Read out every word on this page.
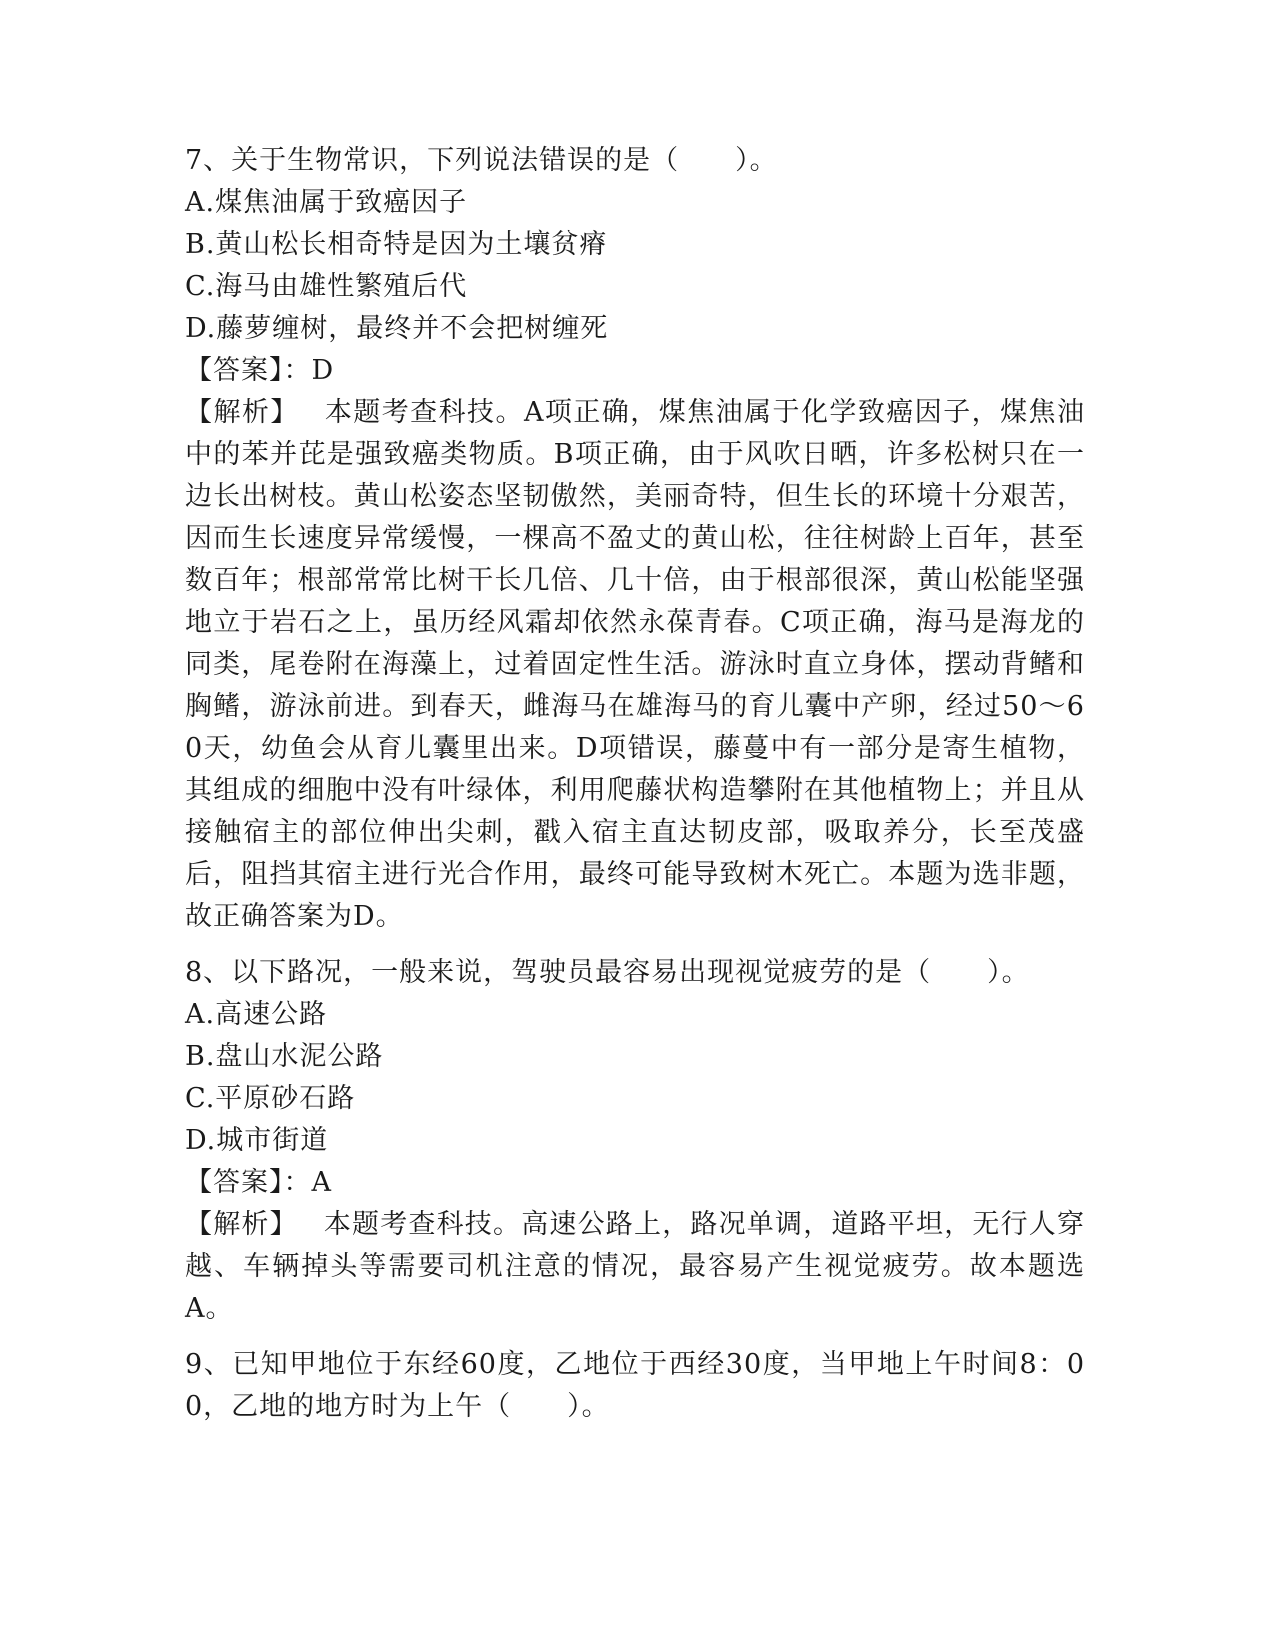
7、关于生物常识，下列说法错误的是（　　）。
A.煤焦油属于致癌因子
B.黄山松长相奇特是因为土壤贫瘠
C.海马由雄性繁殖后代
D.藤萝缠树，最终并不会把树缠死
【答案】：D

【解析】 本题考查科技。A项正确，煤焦油属于化学致癌因子，煤焦油中的苯并芘是强致癌类物质。B项正确，由于风吹日晒，许多松树只在一边长出树枝。黄山松姿态坚韧傲然，美丽奇特，但生长的环境十分艰苦，因而生长速度异常缓慢，一棵高不盈丈的黄山松，往往树龄上百年，甚至数百年；根部常常比树干长几倍、几十倍，由于根部很深，黄山松能坚强地立于岩石之上，虽历经风霜却依然永葆青春。C项正确，海马是海龙的同类，尾卷附在海藻上，过着固定性生活。游泳时直立身体，摆动背鳍和胸鳍，游泳前进。到春天，雌海马在雄海马的育儿囊中产卵，经过50～60天，幼鱼会从育儿囊里出来。D项错误，藤蔓中有一部分是寄生植物，其组成的细胞中没有叶绿体，利用爬藤状构造攀附在其他植物上；并且从接触宿主的部位伸出尖刺，戳入宿主直达韧皮部，吸取养分，长至茂盛后，阻挡其宿主进行光合作用，最终可能导致树木死亡。本题为选非题，故正确答案为D。

8、以下路况，一般来说，驾驶员最容易出现视觉疲劳的是（　　）。
A.高速公路
B.盘山水泥公路
C.平原砂石路
D.城市街道
【答案】：A

【解析】 本题考查科技。高速公路上，路况单调，道路平坦，无行人穿越、车辆掉头等需要司机注意的情况，最容易产生视觉疲劳。故本题选A。

9、已知甲地位于东经60度，乙地位于西经30度，当甲地上午时间8：00，乙地的地方时为上午（　　）。
